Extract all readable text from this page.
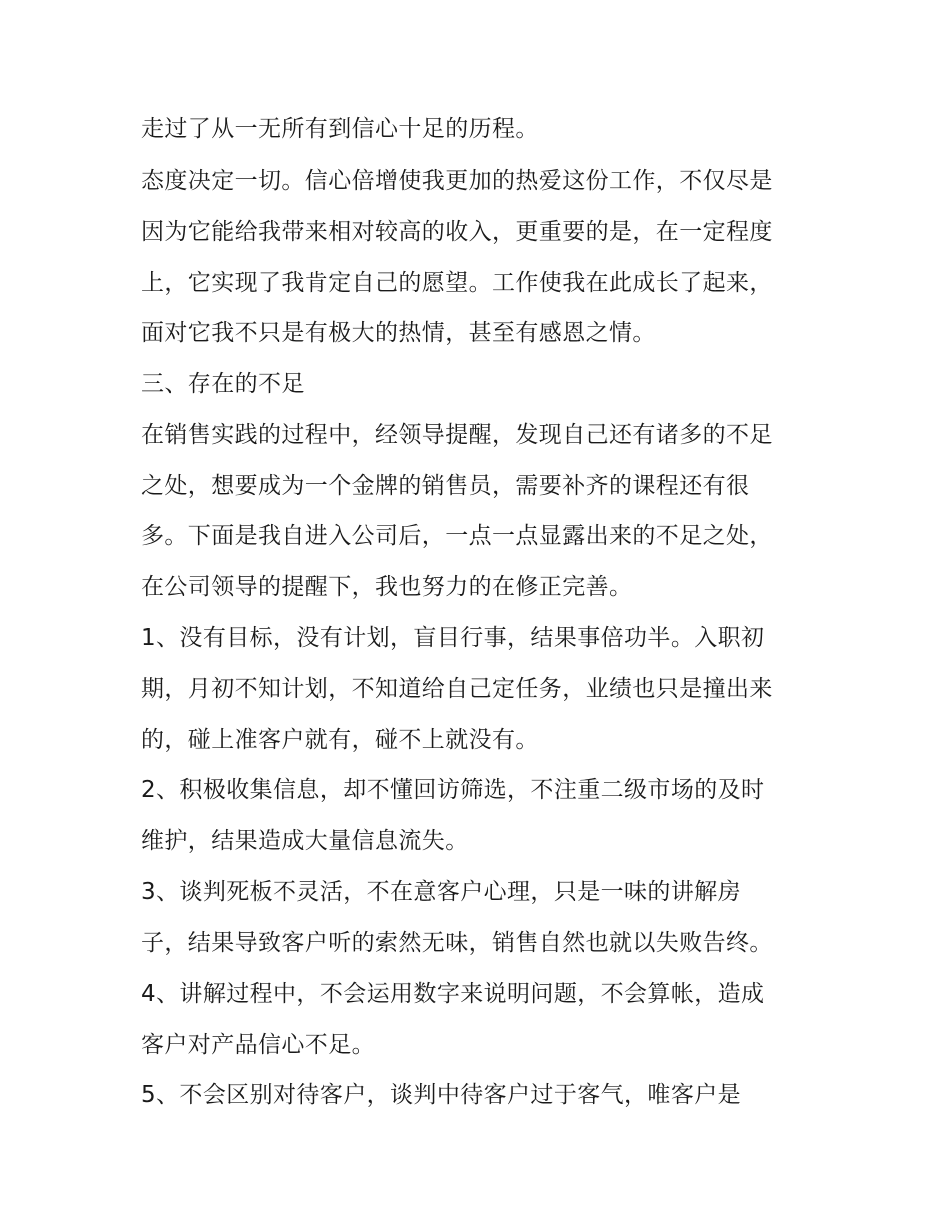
走过了从一无所有到信心十足的历程。
态度决定一切。信心倍增使我更加的热爱这份工作，不仅尽是
因为它能给我带来相对较高的收入，更重要的是，在一定程度
上，它实现了我肯定自己的愿望。工作使我在此成长了起来，
面对它我不只是有极大的热情，甚至有感恩之情。
三、存在的不足
在销售实践的过程中，经领导提醒，发现自己还有诸多的不足
之处，想要成为一个金牌的销售员，需要补齐的课程还有很
多。下面是我自进入公司后，一点一点显露出来的不足之处，
在公司领导的提醒下，我也努力的在修正完善。
1、没有目标，没有计划，盲目行事，结果事倍功半。入职初
期，月初不知计划，不知道给自己定任务，业绩也只是撞出来
的，碰上准客户就有，碰不上就没有。
2、积极收集信息，却不懂回访筛选，不注重二级市场的及时
维护，结果造成大量信息流失。
3、谈判死板不灵活，不在意客户心理，只是一味的讲解房
子，结果导致客户听的索然无味，销售自然也就以失败告终。
4、讲解过程中，不会运用数字来说明问题，不会算帐，造成
客户对产品信心不足。
5、不会区别对待客户，谈判中待客户过于客气，唯客户是
